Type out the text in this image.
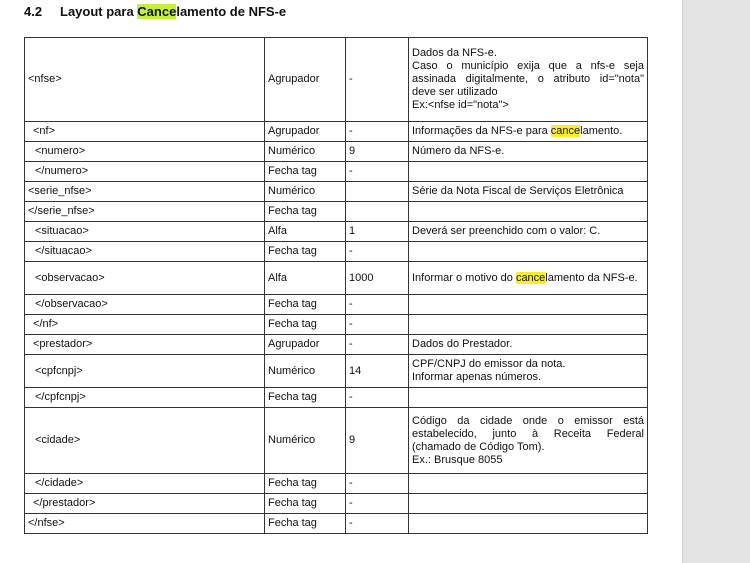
4.2 Layout para Cancelamento de NFS-e
<nfse>	Agrupador	-	Dados da NFS-e.
Caso o município exija que a nfs-e seja assinada digitalmente, o atributo id="nota" deve ser utilizado
Ex:<nfse id="nota">

<nf>	Agrupador	-	Informações da NFS-e para cancelamento.
<numero>	Numérico	9	Número da NFS-e.
</numero>	Fecha tag	-	
<serie_nfse>	Numérico		Série da Nota Fiscal de Serviços Eletrônica
</serie_nfse>	Fecha tag		
<situacao>	Alfa	1	Deverá ser preenchido com o valor: C.
</situacao>	Fecha tag	-	
<observacao>	Alfa	1000	Informar o motivo do cancelamento da NFS-e.
</observacao>	Fecha tag	-	
</nf>	Fecha tag	-	
<prestador>	Agrupador	-	Dados do Prestador.
<cpfcnpj>	Numérico	14	CPF/CNPJ do emissor da nota.
Informar apenas números.

</cpfcnpj>	Fecha tag	-	
<cidade>	Numérico	9	Código da cidade onde o emissor está estabelecido, junto à Receita Federal (chamado de Código Tom).
Ex.: Brusque 8055

</cidade>	Fecha tag	-	
</prestador>	Fecha tag	-	
</nfse>	Fecha tag	-	
